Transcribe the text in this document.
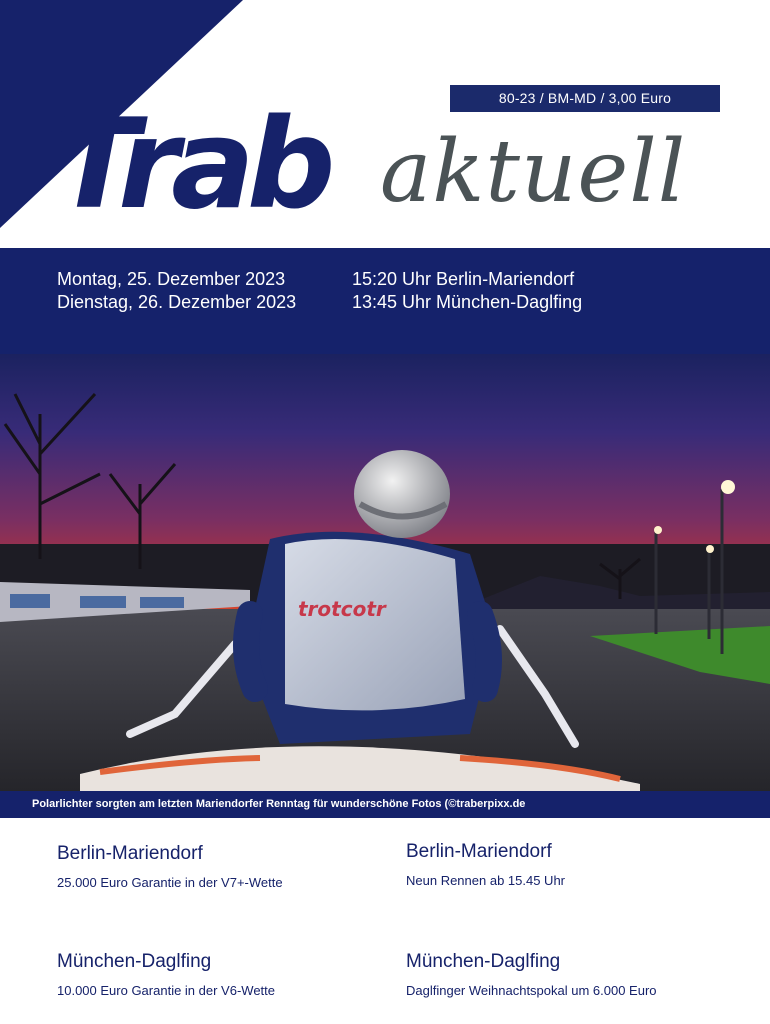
80-23 / BM-MD / 3,00 Euro
Trab aktuell
Montag, 25. Dezember 2023
Dienstag, 26. Dezember 2023
15:20 Uhr Berlin-Mariendorf
13:45 Uhr München-Daglfing
trotcotr
Polarlichter sorgten am letzten Mariendorfer Renntag für wunderschöne Fotos (©traberpixx.de
Berlin-Mariendorf

25.000 Euro Garantie in der V7+-Wette

Berlin-Mariendorf

Neun Rennen ab 15.45 Uhr

München-Daglfing

10.000 Euro Garantie in der V6-Wette

München-Daglfing

Daglfinger Weihnachtspokal um 6.000 Euro
